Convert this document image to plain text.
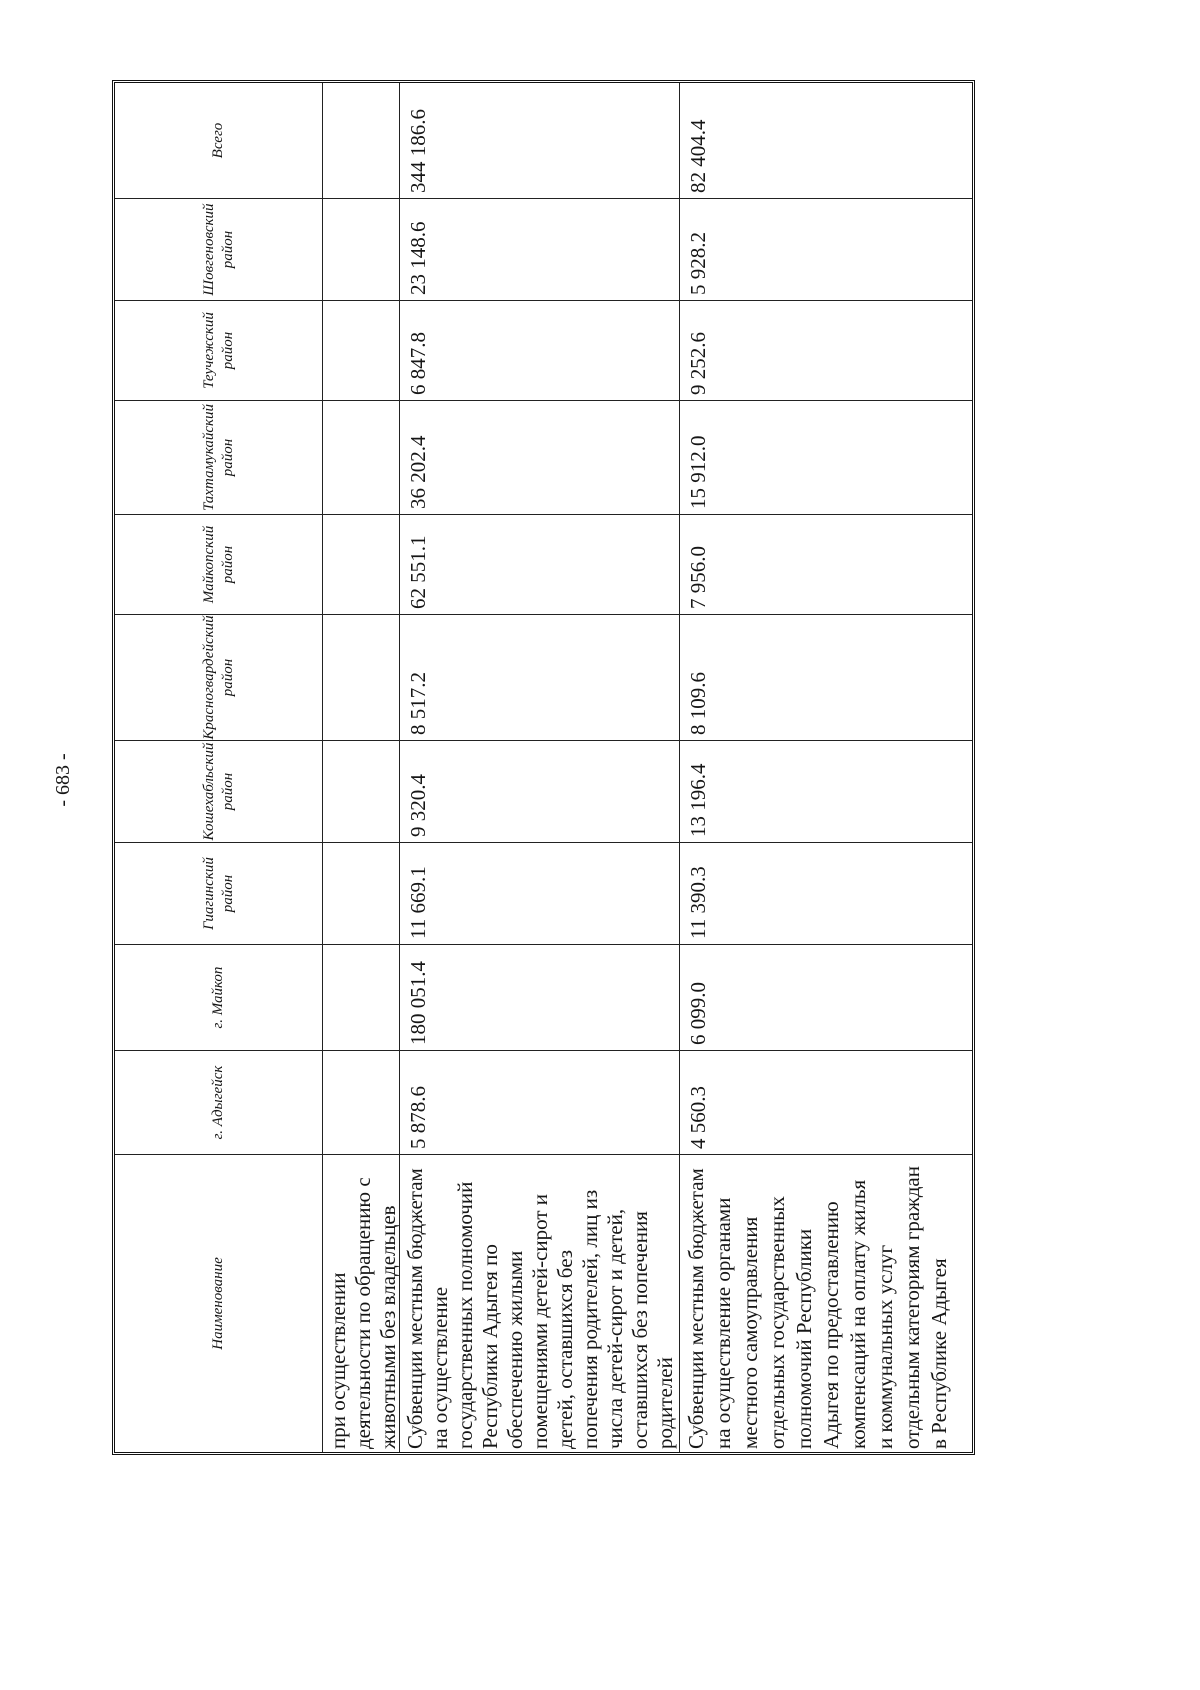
- 683 -
Наименование
г. Адыгейск
г. Майкоп
Гиагинский район
Кошехабльский район
Красногвардейский район
Майкопский район
Тахтамукайский район
Теучежский район
Шовгеновский район
Всего
при осуществлении
деятельности по обращению с
животными без владельцев
Субвенции местным бюджетам
на осуществление
государственных полномочий
Республики Адыгея по
обеспечению жилыми
помещениями детей-сирот и
детей, оставшихся без
попечения родителей, лиц из
числа детей-сирот и детей,
оставшихся без попечения
родителей
5 878.6
180 051.4
11 669.1
9 320.4
8 517.2
62 551.1
36 202.4
6 847.8
23 148.6
344 186.6
Субвенции местным бюджетам
на осуществление органами
местного самоуправления
отдельных государственных
полномочий Республики
Адыгея по предоставлению
компенсаций на оплату жилья
и коммунальных услуг
отдельным категориям граждан
в Республике Адыгея
4 560.3
6 099.0
11 390.3
13 196.4
8 109.6
7 956.0
15 912.0
9 252.6
5 928.2
82 404.4
